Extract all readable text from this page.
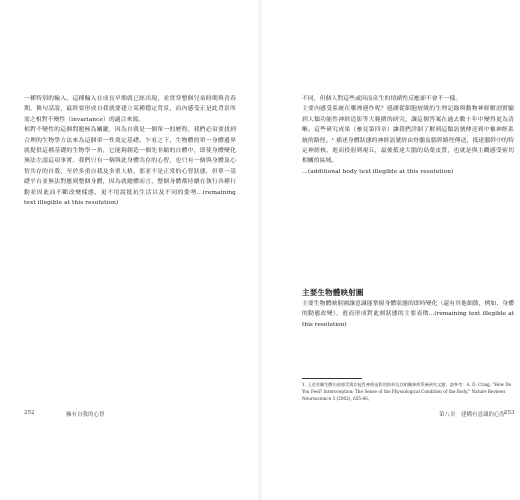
一種特別的輸入。這種輸入在成長早期就已經出現，並貫穿整個兒童時期與青春期，換句話說，最終要形成自我就要建立某種穩定背景，而內感受正是此背景所需之相對不變性（invariance）的適合來源。

相對不變性的這個問題極為關鍵，因為自我是一個單一的歷程，我們必須要找到合理的生物學方法來為這個單一性奠定基礎。乍看之下，生物體的單一身體邊界就提供這種基礎的生物學一角，它能夠創造一個先非縮的自體中，即使身體變化無法左認這項事實。我們只有一個與此身體共存的心智，也只有一個與身體及心智共存的自我，至於多重自我及多重人格，那並不是正常的心智狀態，但單一基礎平台並無法對應到整個身體，因為就總體而言，整個身體都持續在執行各種行動並因此而不斷改變樣態，更不用說抵抗生活以及不同的姿勢...(remaining text illegible at this resolution)

252	擁有自我的心智

不同，但個人對這些或因而產生的情緒性反應卻不會不一樣。

主要內感受系統在哪裡運作呢？感測從細胞層級的生理記錄與動物神經解剖實驗到人類功能性神經造影等大範圍的研究，讓這個答案在過去數十年中變得更為清晰。這些研究成果（參見第四章）讓我們詳細了解到這類訊號傳送到中樞神經系統的路徑。¹ 描述身體狀態的神經訊號經由脊髓及腦幹路徑傳送，抵達腦幹中的特定神經核，進而投射到視丘，最後抵達大腦的島葉皮質，也就是與主觀感受密切相關的區域。

...(additional body text illegible at this resolution)

主要生物體映射圖
主要生物體映射圖讓意識能掌握身體狀態的即時變化（還有其他細節，例如，身體的動態改變），進而形成對此刻狀態的主要表徵...(remaining text illegible at this resolution)
1. 上述有關生體內部感受與功能性神經造影的資料及其相關神經系統研究文獻，請參考：A. D. Craig, "How Do You Feel? Interoception: The Sense of the Physiological Condition of the Body," Nature Reviews Neuroscience 3 (2002), 655-66。
第八章　建構有意識的心智
253
